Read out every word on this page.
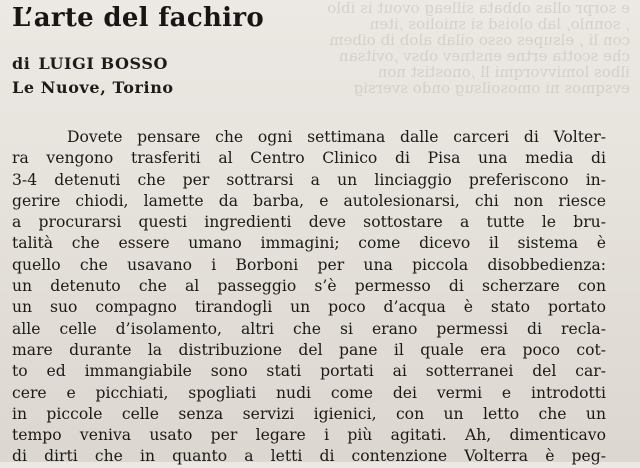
e sorpr ollas obbata silleag ovout is iblo
, sonnlo, lab oloisd si sniolios ,iten
con li , elsupes osso oilab alob ib oibem
che scotta ertne enstnev obsv ,ovitsan
ilbos lomivvorqmi ll ,onostist non
evsqmos ni omosoilsug ondo sversig
L’arte del fachiro
di LUIGI BOSSO
Le Nuove, Torino
Dovete pensare che ogni settimana dalle carceri di Volter-
ra vengono trasferiti al Centro Clinico di Pisa una media di
3-4 detenuti che per sottrarsi a un linciaggio preferiscono in-
gerire chiodi, lamette da barba, e autolesionarsi, chi non riesce
a procurarsi questi ingredienti deve sottostare a tutte le bru-
talità che essere umano immagini; come dicevo il sistema è
quello che usavano i Borboni per una piccola disobbedienza:
un detenuto che al passeggio s’è permesso di scherzare con
un suo compagno tirandogli un poco d’acqua è stato portato
alle celle d’isolamento, altri che si erano permessi di recla-
mare durante la distribuzione del pane il quale era poco cot-
to ed immangiabile sono stati portati ai sotterranei del car-
cere e picchiati, spogliati nudi come dei vermi e introdotti
in piccole celle senza servizi igienici, con un letto che un
tempo veniva usato per legare i più agitati. Ah, dimenticavo
di dirti che in quanto a letti di contenzione Volterra è peg-
